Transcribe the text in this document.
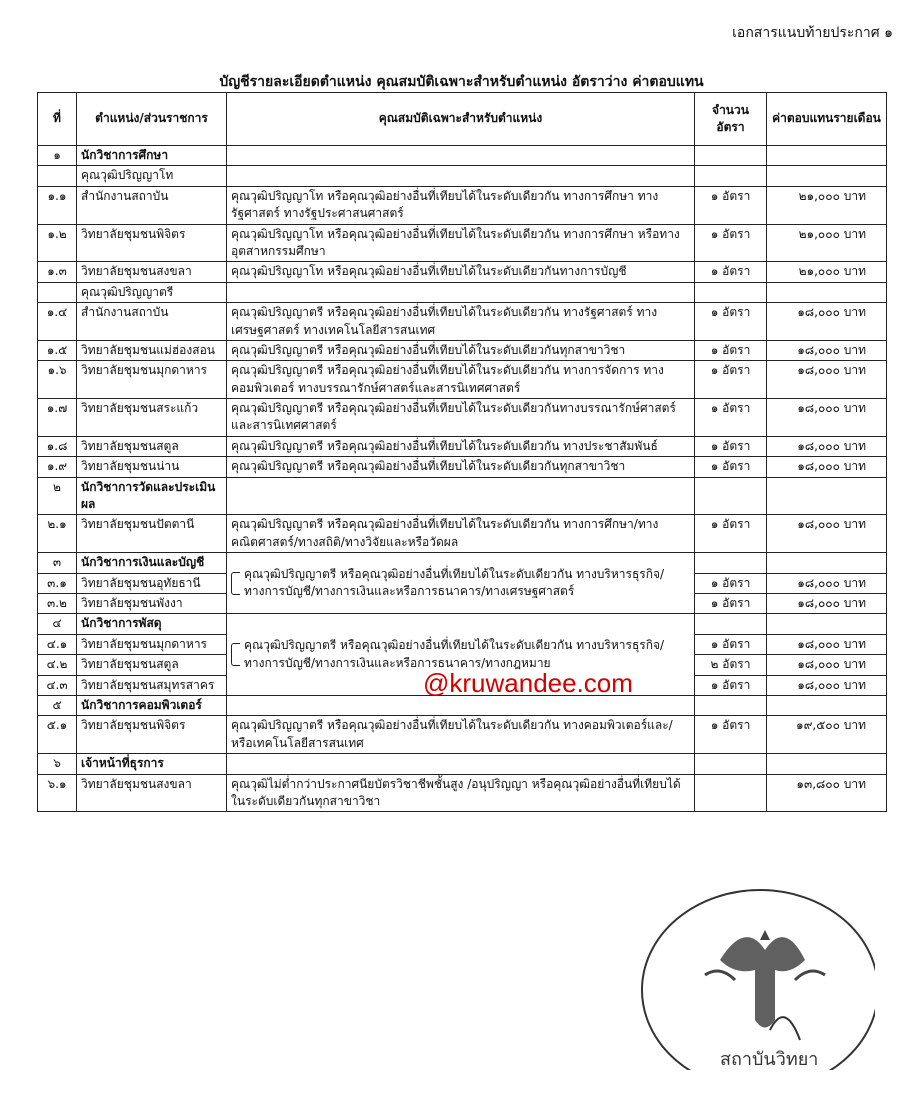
เอกสารแนบท้ายประกาศ ๑
บัญชีรายละเอียดตำแหน่ง คุณสมบัติเฉพาะสำหรับตำแหน่ง อัตราว่าง ค่าตอบแทน
ที่	ตำแหน่ง/ส่วนราชการ	คุณสมบัติเฉพาะสำหรับตำแหน่ง	จำนวนอัตรา	ค่าตอบแทนรายเดือน
๑	นักวิชาการศึกษา			
	คุณวุฒิปริญญาโท			
๑.๑	สำนักงานสถาบัน	คุณวุฒิปริญญาโท หรือคุณวุฒิอย่างอื่นที่เทียบได้ในระดับเดียวกัน ทางการศึกษา ทางรัฐศาสตร์ ทางรัฐประศาสนศาสตร์	๑ อัตรา	๒๑,๐๐๐ บาท
๑.๒	วิทยาลัยชุมชนพิจิตร	คุณวุฒิปริญญาโท หรือคุณวุฒิอย่างอื่นที่เทียบได้ในระดับเดียวกัน ทางการศึกษา หรือทางอุตสาหกรรมศึกษา	๑ อัตรา	๒๑,๐๐๐ บาท
๑.๓	วิทยาลัยชุมชนสงขลา	คุณวุฒิปริญญาโท หรือคุณวุฒิอย่างอื่นที่เทียบได้ในระดับเดียวกันทางการบัญชี	๑ อัตรา	๒๑,๐๐๐ บาท
	คุณวุฒิปริญญาตรี			
๑.๔	สำนักงานสถาบัน	คุณวุฒิปริญญาตรี หรือคุณวุฒิอย่างอื่นที่เทียบได้ในระดับเดียวกัน ทางรัฐศาสตร์ ทางเศรษฐศาสตร์ ทางเทคโนโลยีสารสนเทศ	๑ อัตรา	๑๘,๐๐๐ บาท
๑.๕	วิทยาลัยชุมชนแม่ฮ่องสอน	คุณวุฒิปริญญาตรี หรือคุณวุฒิอย่างอื่นที่เทียบได้ในระดับเดียวกันทุกสาขาวิชา	๑ อัตรา	๑๘,๐๐๐ บาท
๑.๖	วิทยาลัยชุมชนมุกดาหาร	คุณวุฒิปริญญาตรี หรือคุณวุฒิอย่างอื่นที่เทียบได้ในระดับเดียวกัน ทางการจัดการ ทางคอมพิวเตอร์ ทางบรรณารักษ์ศาสตร์และสารนิเทศศาสตร์	๑ อัตรา	๑๘,๐๐๐ บาท
๑.๗	วิทยาลัยชุมชนสระแก้ว	คุณวุฒิปริญญาตรี หรือคุณวุฒิอย่างอื่นที่เทียบได้ในระดับเดียวกันทางบรรณารักษ์ศาสตร์และสารนิเทศศาสตร์	๑ อัตรา	๑๘,๐๐๐ บาท
๑.๘	วิทยาลัยชุมชนสตูล	คุณวุฒิปริญญาตรี หรือคุณวุฒิอย่างอื่นที่เทียบได้ในระดับเดียวกัน ทางประชาสัมพันธ์	๑ อัตรา	๑๘,๐๐๐ บาท
๑.๙	วิทยาลัยชุมชนน่าน	คุณวุฒิปริญญาตรี หรือคุณวุฒิอย่างอื่นที่เทียบได้ในระดับเดียวกันทุกสาขาวิชา	๑ อัตรา	๑๘,๐๐๐ บาท
๒	นักวิชาการวัดและประเมินผล			
๒.๑	วิทยาลัยชุมชนปัตตานี	คุณวุฒิปริญญาตรี หรือคุณวุฒิอย่างอื่นที่เทียบได้ในระดับเดียวกัน ทางการศึกษา/ทางคณิตศาสตร์/ทางสถิติ/ทางวิจัยและหรือวัดผล	๑ อัตรา	๑๘,๐๐๐ บาท
๓	นักวิชาการเงินและบัญชี	คุณวุฒิปริญญาตรี หรือคุณวุฒิอย่างอื่นที่เทียบได้ในระดับเดียวกัน ทางบริหารธุรกิจ/ทางการบัญชี/ทางการเงินและหรือการธนาคาร/ทางเศรษฐศาสตร์		

๓.๑	วิทยาลัยชุมชนอุทัยธานี		๑ อัตรา	๑๘,๐๐๐ บาท
๓.๒	วิทยาลัยชุมชนพังงา		๑ อัตรา	๑๘,๐๐๐ บาท
๔	นักวิชาการพัสดุ	คุณวุฒิปริญญาตรี หรือคุณวุฒิอย่างอื่นที่เทียบได้ในระดับเดียวกัน ทางบริหารธุรกิจ/ทางการบัญชี/ทางการเงินและหรือการธนาคาร/ทางกฎหมาย		

๔.๑	วิทยาลัยชุมชนมุกดาหาร		๑ อัตรา	๑๘,๐๐๐ บาท
๔.๒	วิทยาลัยชุมชนสตูล		๒ อัตรา	๑๘,๐๐๐ บาท
๔.๓	วิทยาลัยชุมชนสมุทรสาคร		๑ อัตรา	๑๘,๐๐๐ บาท
๕	นักวิชาการคอมพิวเตอร์			
๕.๑	วิทยาลัยชุมชนพิจิตร	คุณวุฒิปริญญาตรี หรือคุณวุฒิอย่างอื่นที่เทียบได้ในระดับเดียวกัน ทางคอมพิวเตอร์และ/หรือเทคโนโลยีสารสนเทศ	๑ อัตรา	๑๙,๕๐๐ บาท
๖	เจ้าหน้าที่ธุรการ			
๖.๑	วิทยาลัยชุมชนสงขลา	คุณวุฒิไม่ต่ำกว่าประกาศนียบัตรวิชาชีพชั้นสูง /อนุปริญญา หรือคุณวุฒิอย่างอื่นที่เทียบได้ในระดับเดียวกันทุกสาขาวิชา		๑๓,๘๐๐ บาท
@kruwandee.com
สถาบันวิทยา
